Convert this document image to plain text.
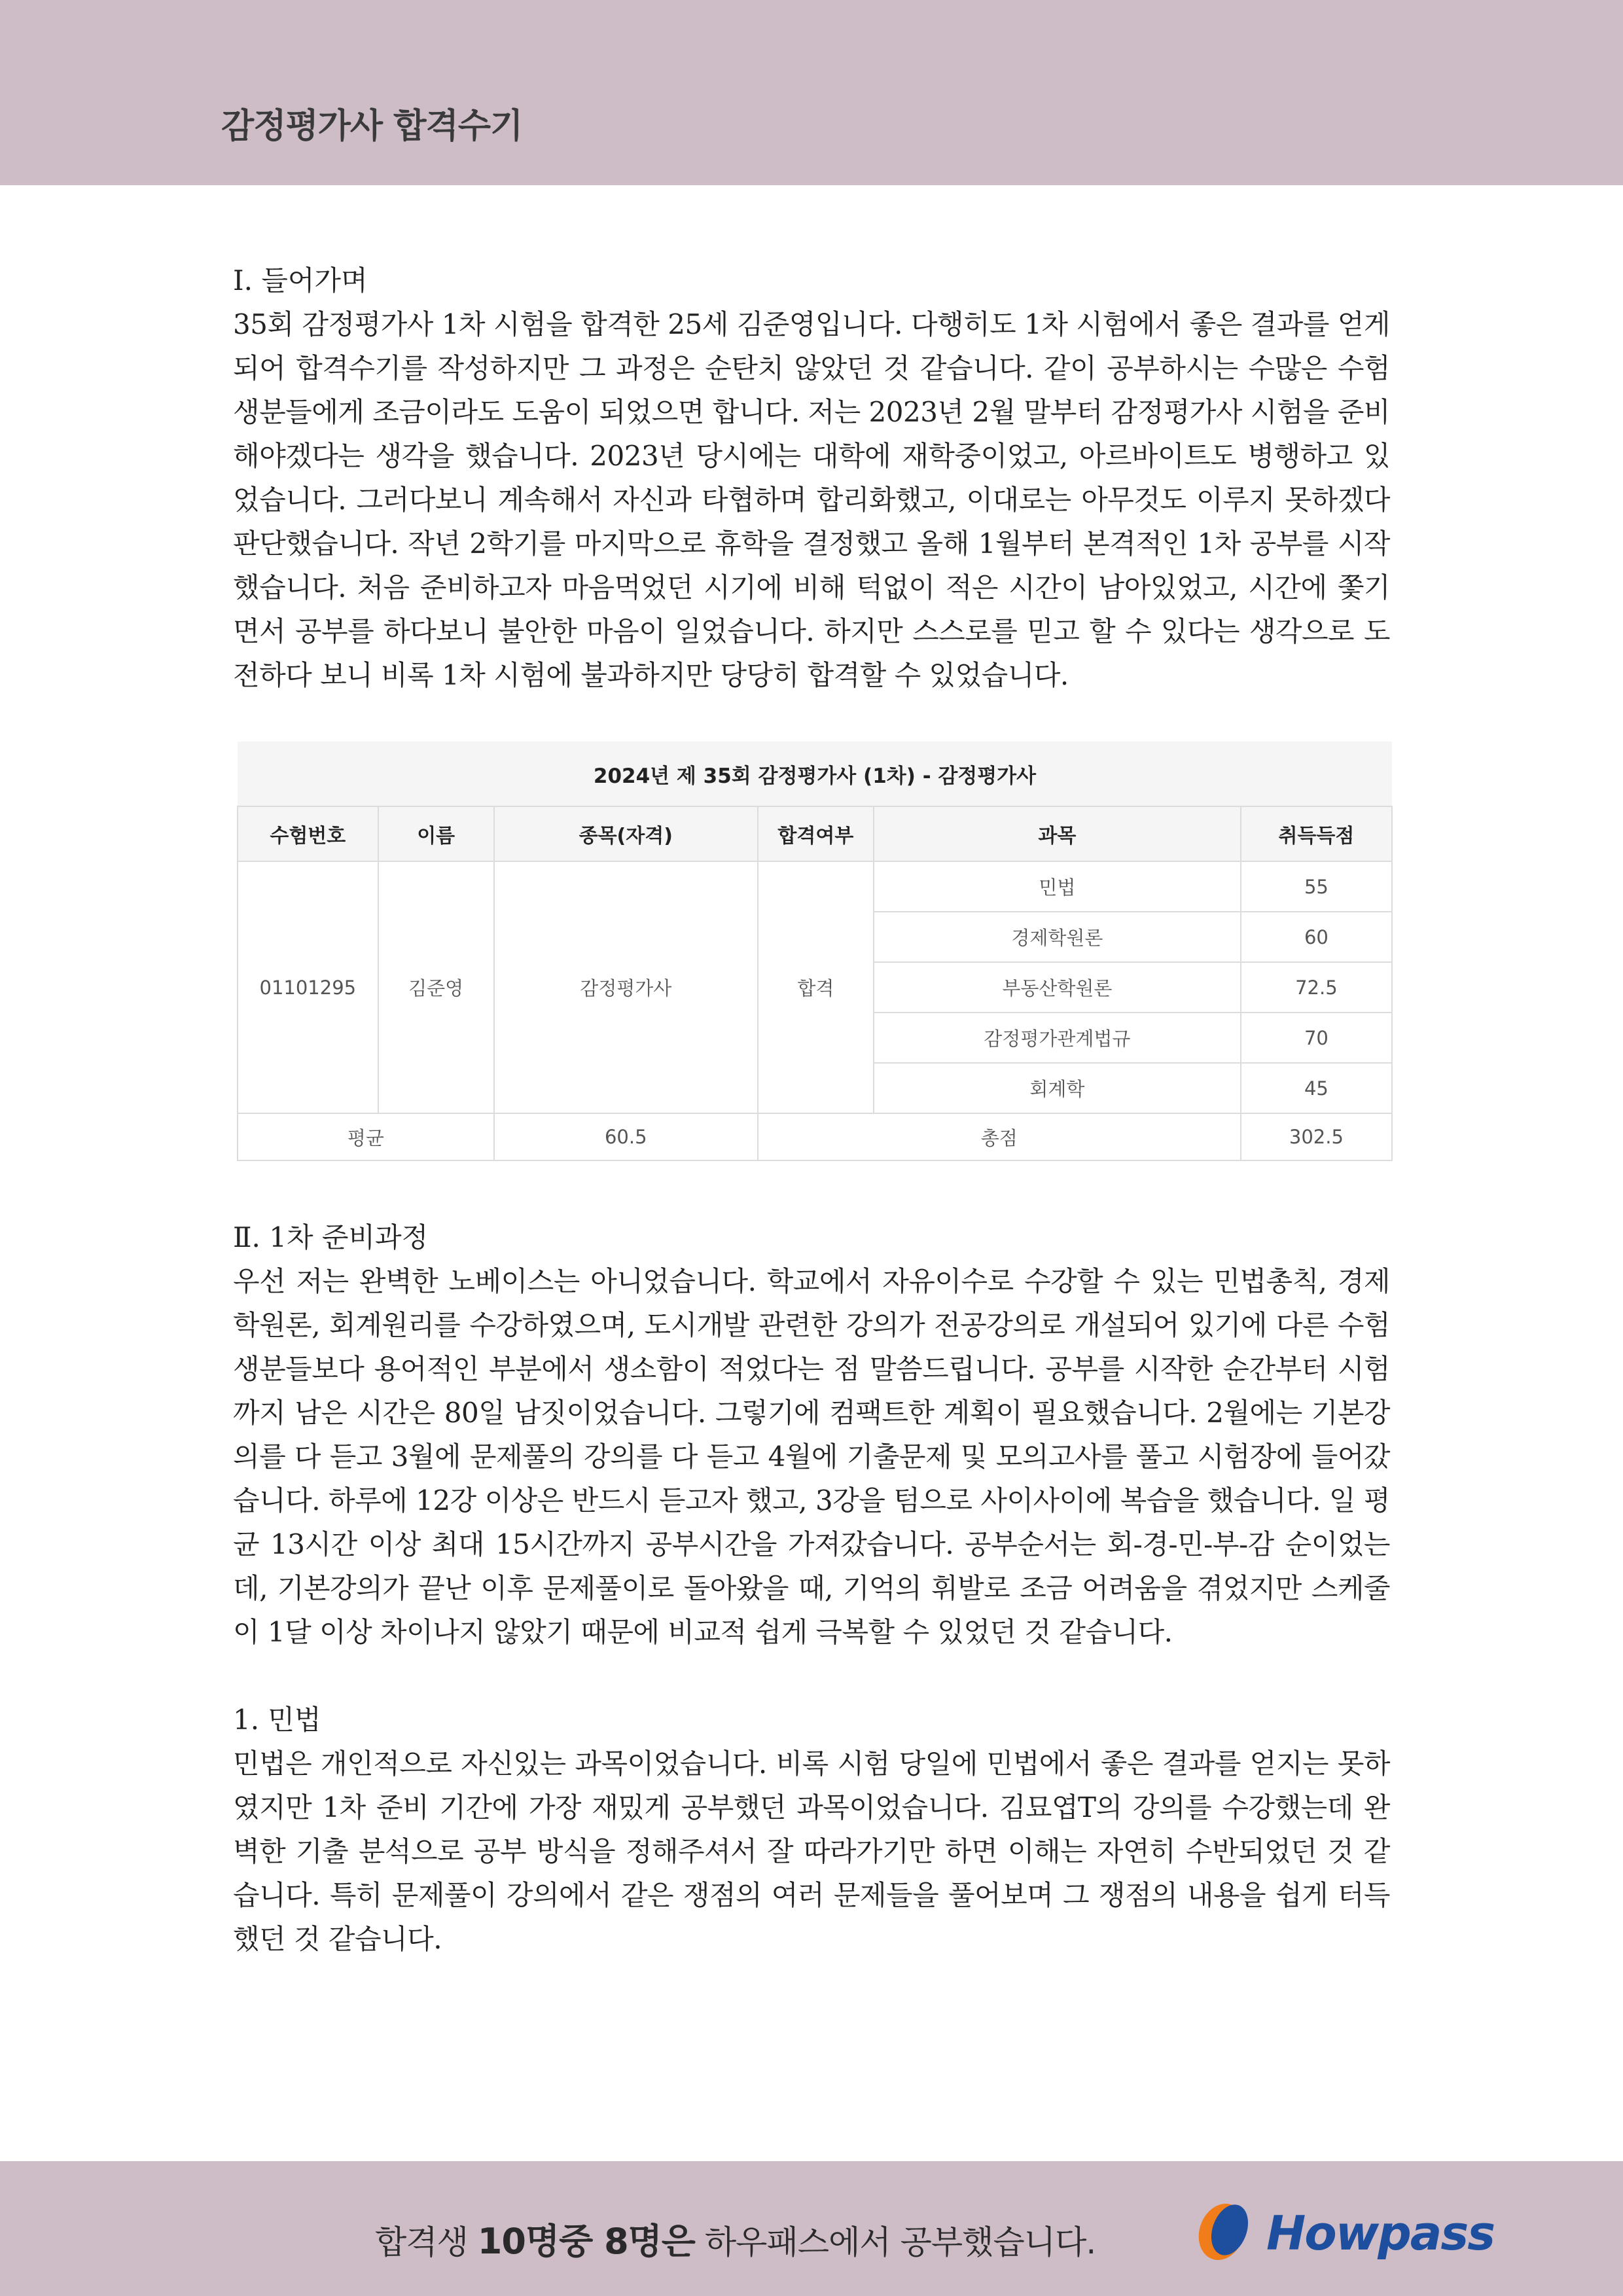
감정평가사 합격수기
Ⅰ. 들어가며
35회 감정평가사 1차 시험을 합격한 25세 김준영입니다. 다행히도 1차 시험에서 좋은 결과를 얻게 되어 합격수기를 작성하지만 그 과정은 순탄치 않았던 것 같습니다. 같이 공부하시는 수많은 수험생분들에게 조금이라도 도움이 되었으면 합니다. 저는 2023년 2월 말부터 감정평가사 시험을 준비해야겠다는 생각을 했습니다. 2023년 당시에는 대학에 재학중이었고, 아르바이트도 병행하고 있었습니다. 그러다보니 계속해서 자신과 타협하며 합리화했고, 이대로는 아무것도 이루지 못하겠다 판단했습니다. 작년 2학기를 마지막으로 휴학을 결정했고 올해 1월부터 본격적인 1차 공부를 시작했습니다. 처음 준비하고자 마음먹었던 시기에 비해 턱없이 적은 시간이 남아있었고, 시간에 쫓기면서 공부를 하다보니 불안한 마음이 일었습니다. 하지만 스스로를 믿고 할 수 있다는 생각으로 도전하다 보니 비록 1차 시험에 불과하지만 당당히 합격할 수 있었습니다.
2024년 제 35회 감정평가사 (1차) - 감정평가사					
수험번호	이름	종목(자격)	합격여부	과목	취득득점
01101295	김준영	감정평가사	합격	민법	55
				경제학원론	60
				부동산학원론	72.5
				감정평가관계법규	70
				회계학	45
평균		60.5	총점		302.5
Ⅱ. 1차 준비과정
우선 저는 완벽한 노베이스는 아니었습니다. 학교에서 자유이수로 수강할 수 있는 민법총칙, 경제학원론, 회계원리를 수강하였으며, 도시개발 관련한 강의가 전공강의로 개설되어 있기에 다른 수험생분들보다 용어적인 부분에서 생소함이 적었다는 점 말씀드립니다. 공부를 시작한 순간부터 시험까지 남은 시간은 80일 남짓이었습니다. 그렇기에 컴팩트한 계획이 필요했습니다. 2월에는 기본강의를 다 듣고 3월에 문제풀의 강의를 다 듣고 4월에 기출문제 및 모의고사를 풀고 시험장에 들어갔습니다. 하루에 12강 이상은 반드시 듣고자 했고, 3강을 텀으로 사이사이에 복습을 했습니다. 일 평균 13시간 이상 최대 15시간까지 공부시간을 가져갔습니다. 공부순서는 회-경-민-부-감 순이었는데, 기본강의가 끝난 이후 문제풀이로 돌아왔을 때, 기억의 휘발로 조금 어려움을 겪었지만 스케줄이 1달 이상 차이나지 않았기 때문에 비교적 쉽게 극복할 수 있었던 것 같습니다.
1. 민법
민법은 개인적으로 자신있는 과목이었습니다. 비록 시험 당일에 민법에서 좋은 결과를 얻지는 못하였지만 1차 준비 기간에 가장 재밌게 공부했던 과목이었습니다. 김묘엽T의 강의를 수강했는데 완벽한 기출 분석으로 공부 방식을 정해주셔서 잘 따라가기만 하면 이해는 자연히 수반되었던 것 같습니다. 특히 문제풀이 강의에서 같은 쟁점의 여러 문제들을 풀어보며 그 쟁점의 내용을 쉽게 터득했던 것 같습니다.
합격생 10명중 8명은 하우패스에서 공부했습니다.	Howpass
